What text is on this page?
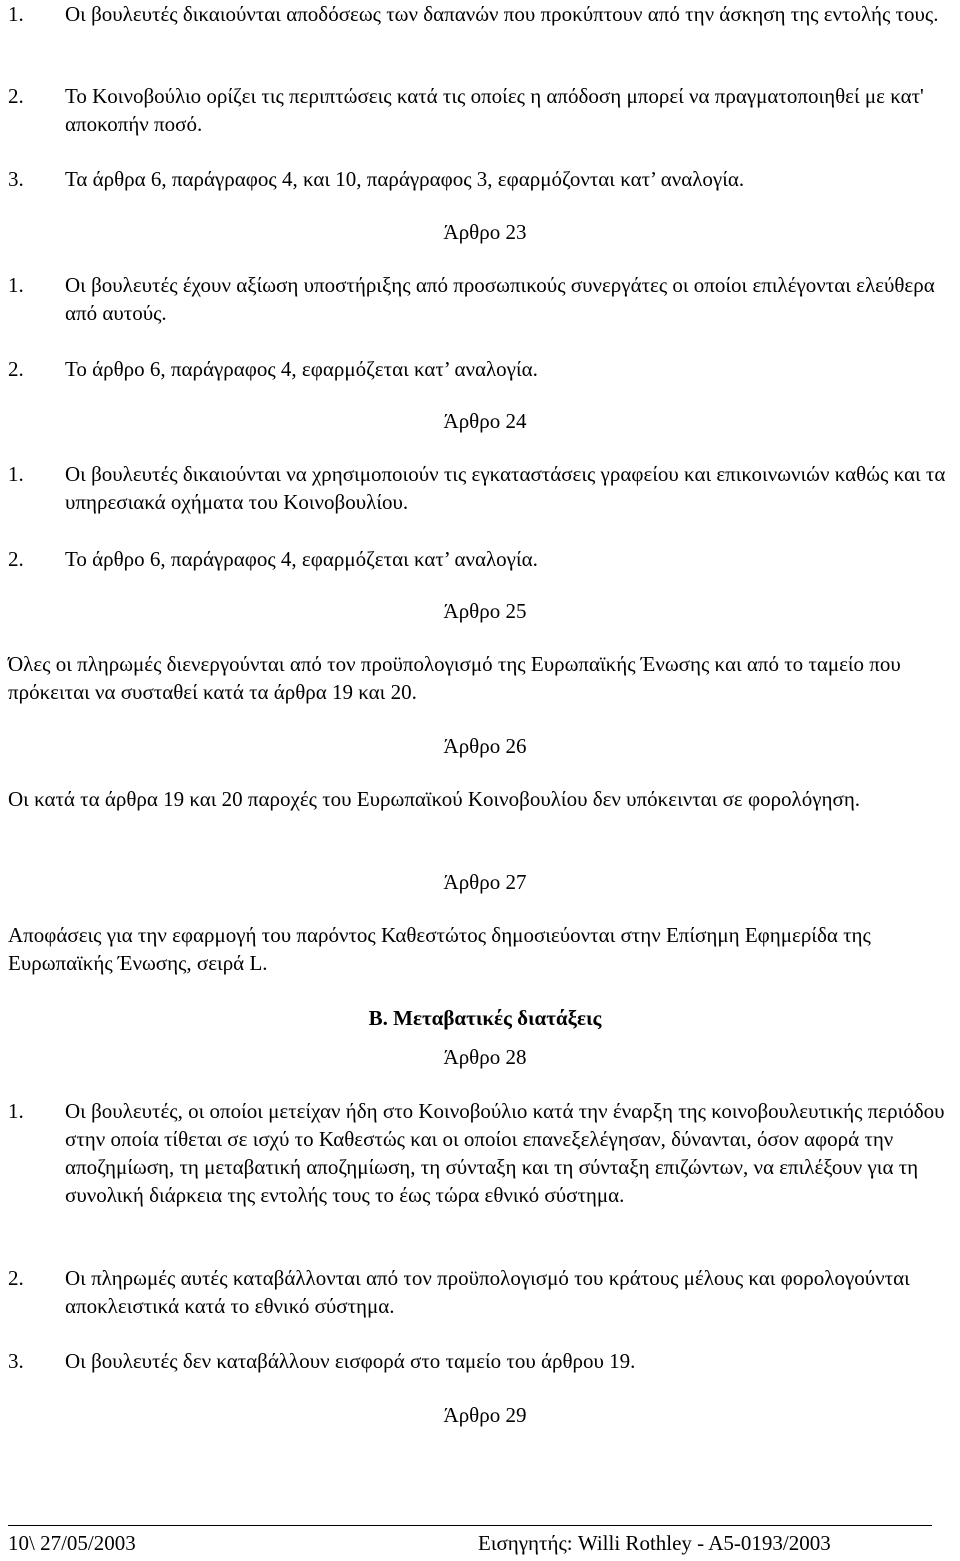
1. Οι βουλευτές δικαιούνται αποδόσεως των δαπανών που προκύπτουν από την άσκηση της εντολής τους.
2. Το Κοινοβούλιο ορίζει τις περιπτώσεις κατά τις οποίες η απόδοση μπορεί να πραγματοποιηθεί με κατ' αποκοπήν ποσό.
3. Τα άρθρα 6, παράγραφος 4, και 10, παράγραφος 3, εφαρμόζονται κατ’ αναλογία.
Άρθρο 23
1. Οι βουλευτές έχουν αξίωση υποστήριξης από προσωπικούς συνεργάτες οι οποίοι επιλέγονται ελεύθερα από αυτούς.
2. Το άρθρο 6, παράγραφος 4, εφαρμόζεται κατ’ αναλογία.
Άρθρο 24
1. Οι βουλευτές δικαιούνται να χρησιμοποιούν τις εγκαταστάσεις γραφείου και επικοινωνιών καθώς και τα υπηρεσιακά οχήματα του Κοινοβουλίου.
2. Το άρθρο 6, παράγραφος 4, εφαρμόζεται κατ’ αναλογία.
Άρθρο 25
Όλες οι πληρωμές διενεργούνται από τον προϋπολογισμό της Ευρωπαϊκής Ένωσης και από το ταμείο που πρόκειται να συσταθεί κατά τα άρθρα 19 και 20.
Άρθρο 26
Οι κατά τα άρθρα 19 και 20 παροχές του Ευρωπαϊκού Κοινοβουλίου δεν υπόκεινται σε φορολόγηση.
Άρθρο 27
Αποφάσεις για την εφαρμογή του παρόντος Καθεστώτος δημοσιεύονται στην Επίσημη Εφημερίδα της Ευρωπαϊκής Ένωσης, σειρά L.
B. Μεταβατικές διατάξεις
Άρθρο 28
1. Οι βουλευτές, οι οποίοι μετείχαν ήδη στο Κοινοβούλιο κατά την έναρξη της κοινοβουλευτικής περιόδου στην οποία τίθεται σε ισχύ το Καθεστώς και οι οποίοι επανεξελέγησαν, δύνανται, όσον αφορά την αποζημίωση, τη μεταβατική αποζημίωση, τη σύνταξη και τη σύνταξη επιζώντων, να επιλέξουν για τη συνολική διάρκεια της εντολής τους το έως τώρα εθνικό σύστημα.
2. Οι πληρωμές αυτές καταβάλλονται από τον προϋπολογισμό του κράτους μέλους και φορολογούνται αποκλειστικά κατά το εθνικό σύστημα.
3. Οι βουλευτές δεν καταβάλλουν εισφορά στο ταμείο του άρθρου 19.
Άρθρο 29
10\ 27/05/2003	Εισηγητής: Willi Rothley - A5-0193/2003
